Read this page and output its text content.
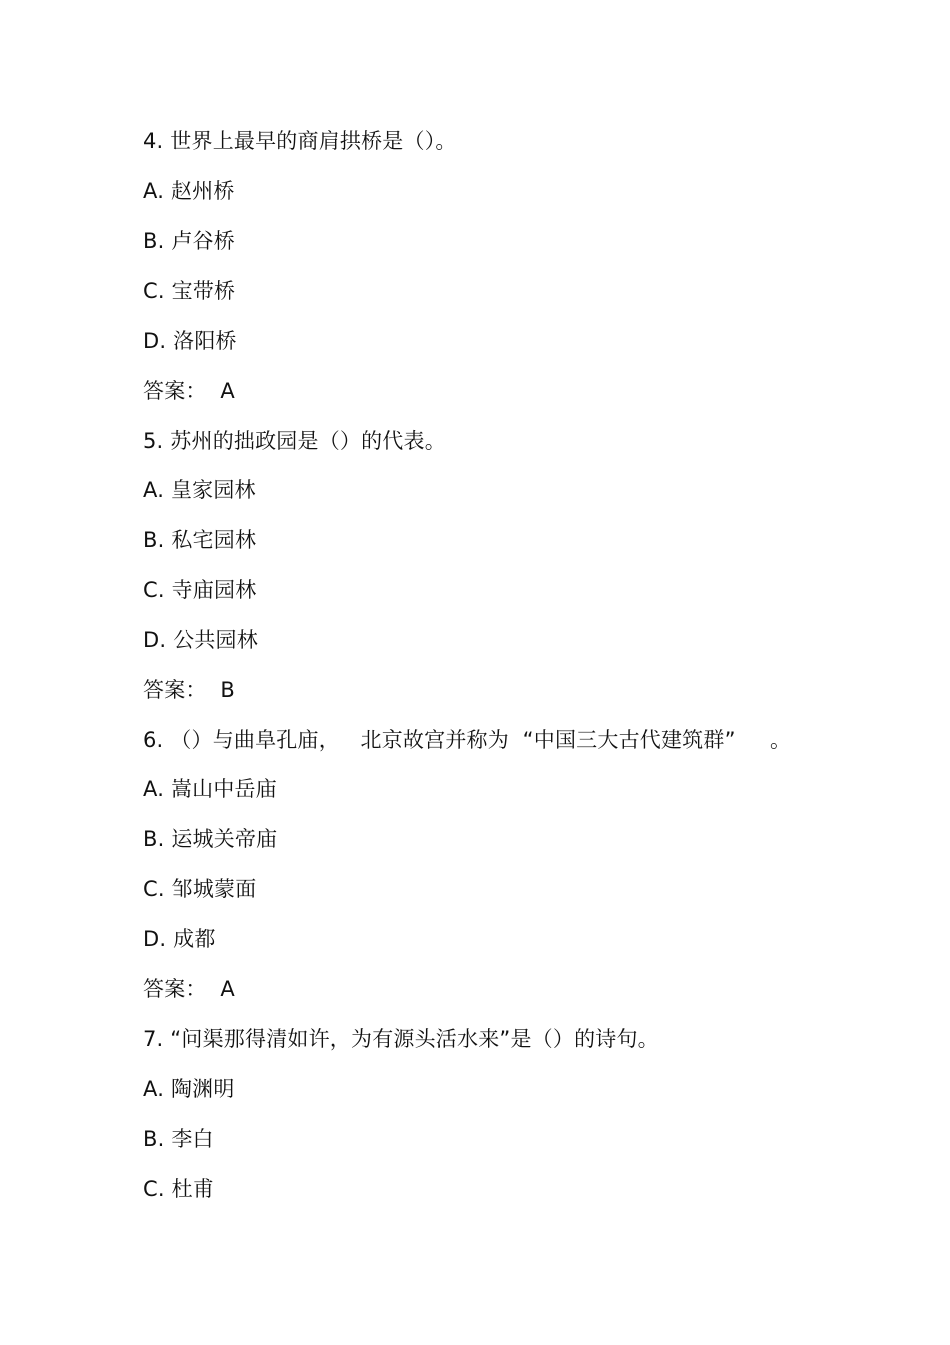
4. 世界上最早的商肩拱桥是（）。
A. 赵州桥
B. 卢谷桥
C. 宝带桥
D. 洛阳桥
答案：  A
5. 苏州的拙政园是（）的代表。
A. 皇家园林
B. 私宅园林
C. 寺庙园林
D. 公共园林
答案：  B
6. （）与曲阜孔庙，   北京故宫并称为  “中国三大古代建筑群”     。
A. 嵩山中岳庙
B. 运城关帝庙
C. 邹城蒙面
D. 成都
答案：  A
7. “问渠那得清如许，为有源头活水来”是（）的诗句。
A. 陶渊明
B. 李白
C. 杜甫
